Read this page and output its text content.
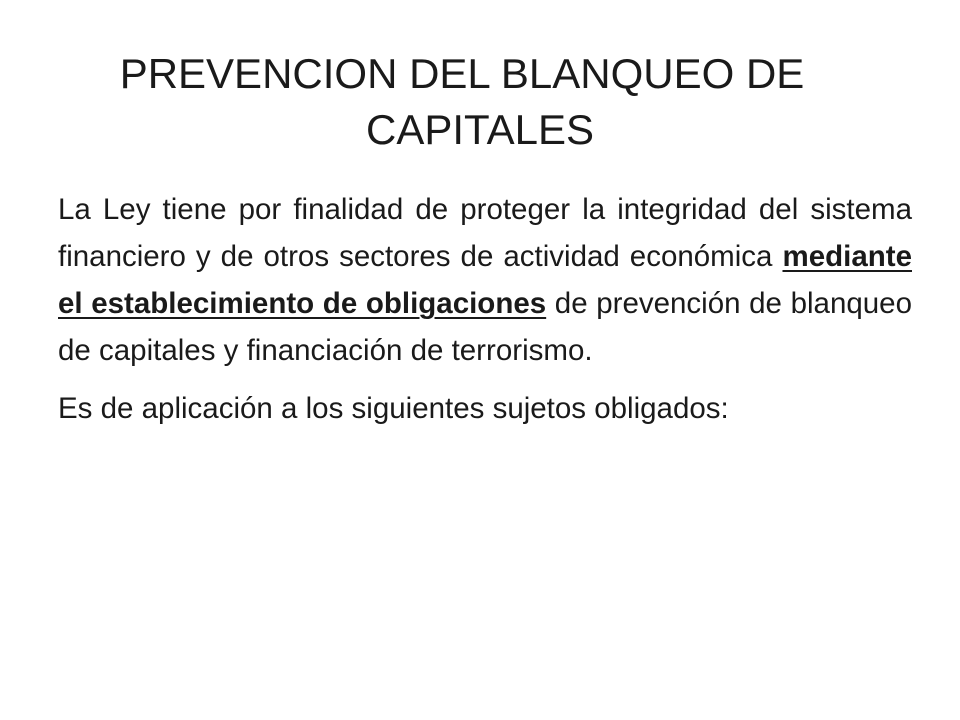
PREVENCION DEL BLANQUEO DE
CAPITALES

La Ley tiene por finalidad de proteger la integridad del sistema financiero y de otros sectores de actividad económica mediante el establecimiento de obligaciones de prevención de blanqueo de capitales y financiación de terrorismo.

Es de aplicación a los siguientes sujetos obligados:
